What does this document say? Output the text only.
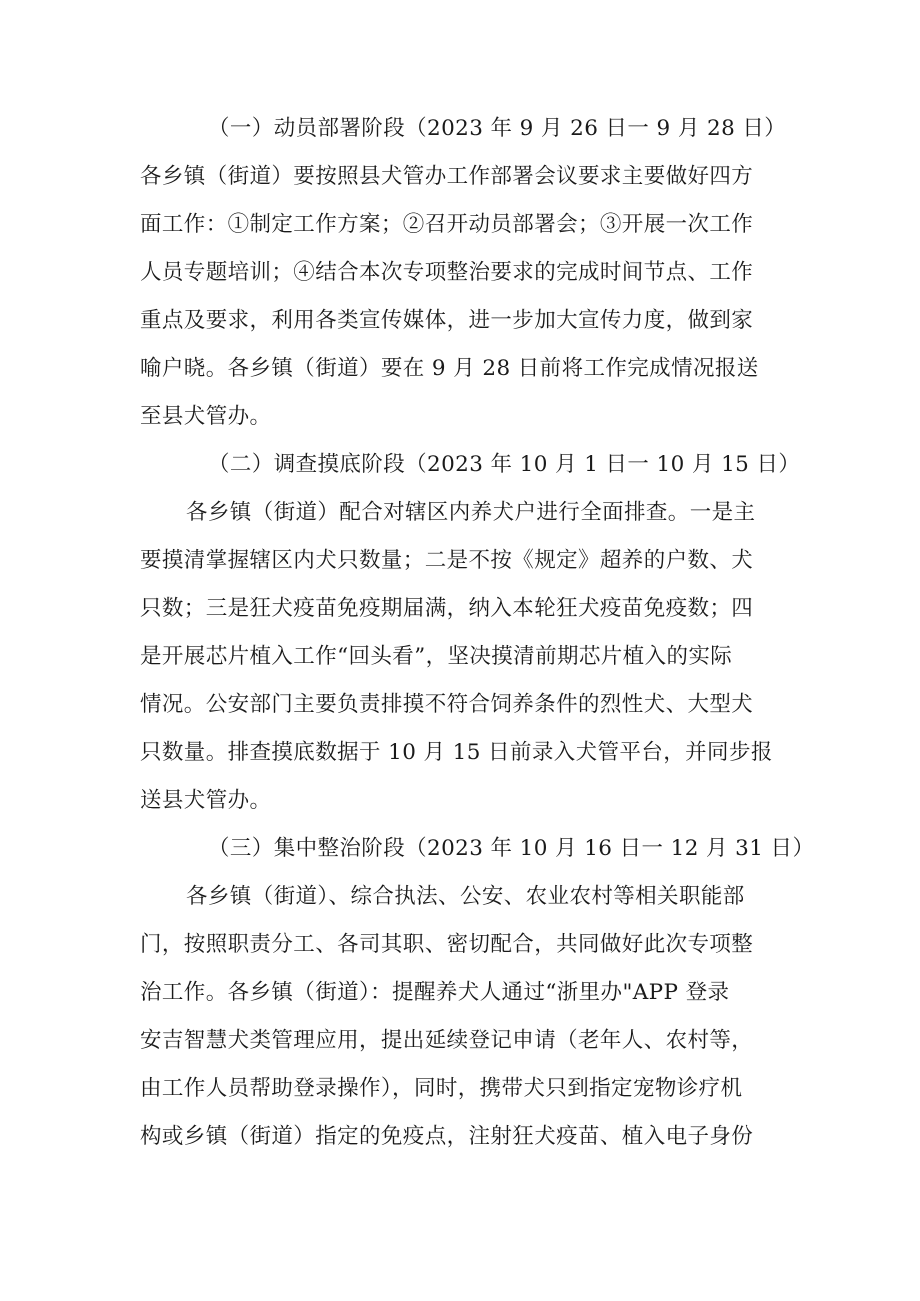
（一）动员部署阶段（2023 年 9 月 26 日一 9 月 28 日）
各乡镇（街道）要按照县犬管办工作部署会议要求主要做好四方
面工作：①制定工作方案；②召开动员部署会；③开展一次工作
人员专题培训；④结合本次专项整治要求的完成时间节点、工作
重点及要求，利用各类宣传媒体，进一步加大宣传力度，做到家
喻户晓。各乡镇（街道）要在 9 月 28 日前将工作完成情况报送
至县犬管办。
（二）调查摸底阶段（2023 年 10 月 1 日一 10 月 15 日）
各乡镇（街道）配合对辖区内养犬户进行全面排查。一是主
要摸清掌握辖区内犬只数量；二是不按《规定》超养的户数、犬
只数；三是狂犬疫苗免疫期届满，纳入本轮狂犬疫苗免疫数；四
是开展芯片植入工作“回头看”，坚决摸清前期芯片植入的实际
情况。公安部门主要负责排摸不符合饲养条件的烈性犬、大型犬
只数量。排查摸底数据于 10 月 15 日前录入犬管平台，并同步报
送县犬管办。
（三）集中整治阶段（2023 年 10 月 16 日一 12 月 31 日）
各乡镇（街道）、综合执法、公安、农业农村等相关职能部
门，按照职责分工、各司其职、密切配合，共同做好此次专项整
治工作。各乡镇（街道）：提醒养犬人通过“浙里办"APP 登录
安吉智慧犬类管理应用，提出延续登记申请（老年人、农村等，
由工作人员帮助登录操作），同时，携带犬只到指定宠物诊疗机
构或乡镇（街道）指定的免疫点，注射狂犬疫苗、植入电子身份
